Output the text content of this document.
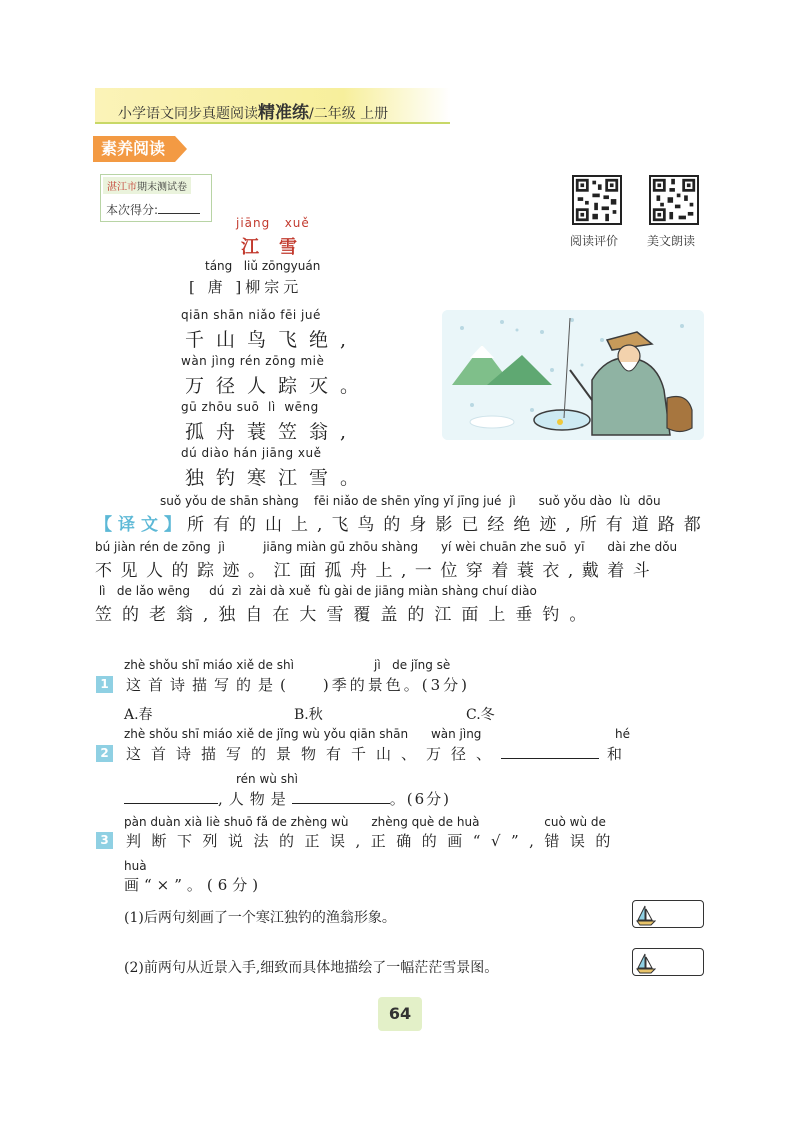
小学语文同步真题阅读精准练/二年级 上册
素养阅读
湛江市期末测试卷
本次得分:
阅读评价 美文朗读
jiāng   xuě
江雪
táng   liǔ zōngyuán
[ 唐 ]柳宗元
qiān shān niǎo fēi jué
千山鸟飞绝,
wàn jìng rén zōng miè
万径人踪灭。
gū zhōu suō  lì  wēng
孤舟蓑笠翁,
dú diào hán jiāng xuě
独钓寒江雪。
suǒ yǒu de shān shàng    fēi niǎo de shēn yǐng yǐ jīng jué  jì      suǒ yǒu dào  lù  dōu
【译文】所有的山上,飞鸟的身影已经绝迹,所有道路都
bú jiàn rén de zōng  jì          jiāng miàn gū zhōu shàng      yí wèi chuān zhe suō  yī      dài zhe dǒu
不见人的踪迹。江面孤舟上,一位穿着蓑衣,戴着斗
lì   de lǎo wēng     dú  zì  zài dà xuě  fù gài de jiāng miàn shàng chuí diào
笠的老翁,独自在大雪覆盖的江面上垂钓。
zhè shǒu shī miáo xiě de shì                     jì   de jǐng sè
1 这首诗描写的是( )季的景色。(3分)
A.春	B.秋	C.冬
zhè shǒu shī miáo xiě de jǐng wù yǒu qiān shān      wàn jìng	hé
2 这首诗描写的景物有千山、万径、	和
rén wù shì
,人物是	。(6分)
pàn duàn xià liè shuō fǎ de zhèng wù      zhèng què de huà                 cuò wù de
3 判断下列说法的正误,正确的画“√”,错误的
huà
画“×”。(6分)
(1)后两句刻画了一个寒江独钓的渔翁形象。
(2)前两句从近景入手,细致而具体地描绘了一幅茫茫雪景图。
64
